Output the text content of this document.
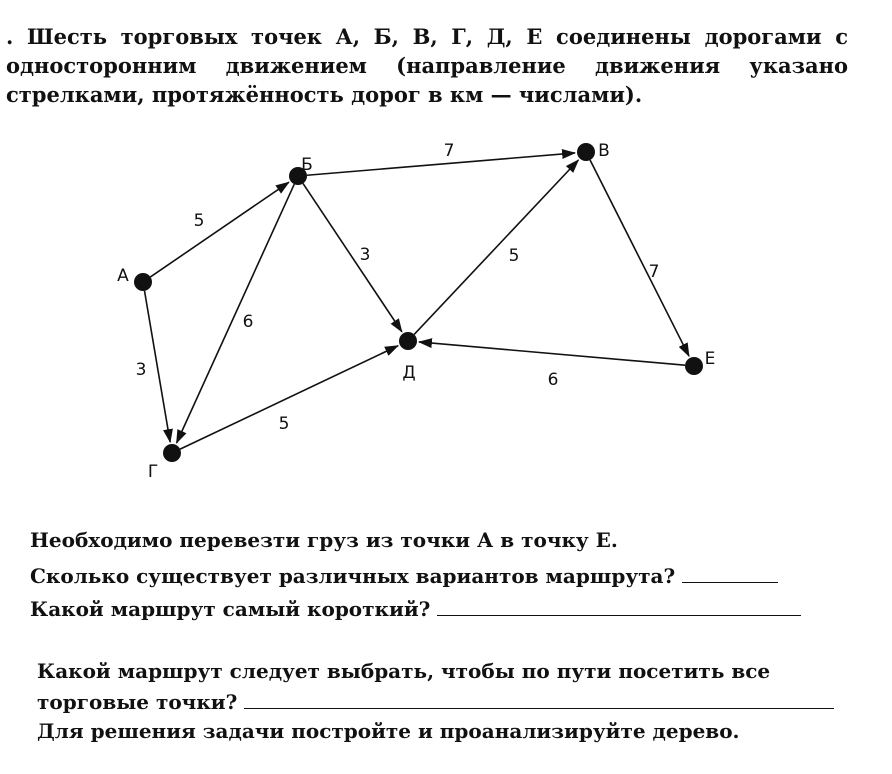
. Шесть торговых точек А, Б, В, Г, Д, Е соединены дорогами с односторонним движением (направление движения указано стрелками, протяжённость дорог в км — числами).

5
7
3
3
6
5
5
7
6
А
Б
В
Г
Д
Е

Необходимо перевезти груз из точки А в точку Е.

Сколько существует различных вариантов маршрута?

Какой маршрут самый короткий?

Какой маршрут следует выбрать, чтобы по пути посетить все

торговые точки?

Для решения задачи постройте и проанализируйте дерево.
